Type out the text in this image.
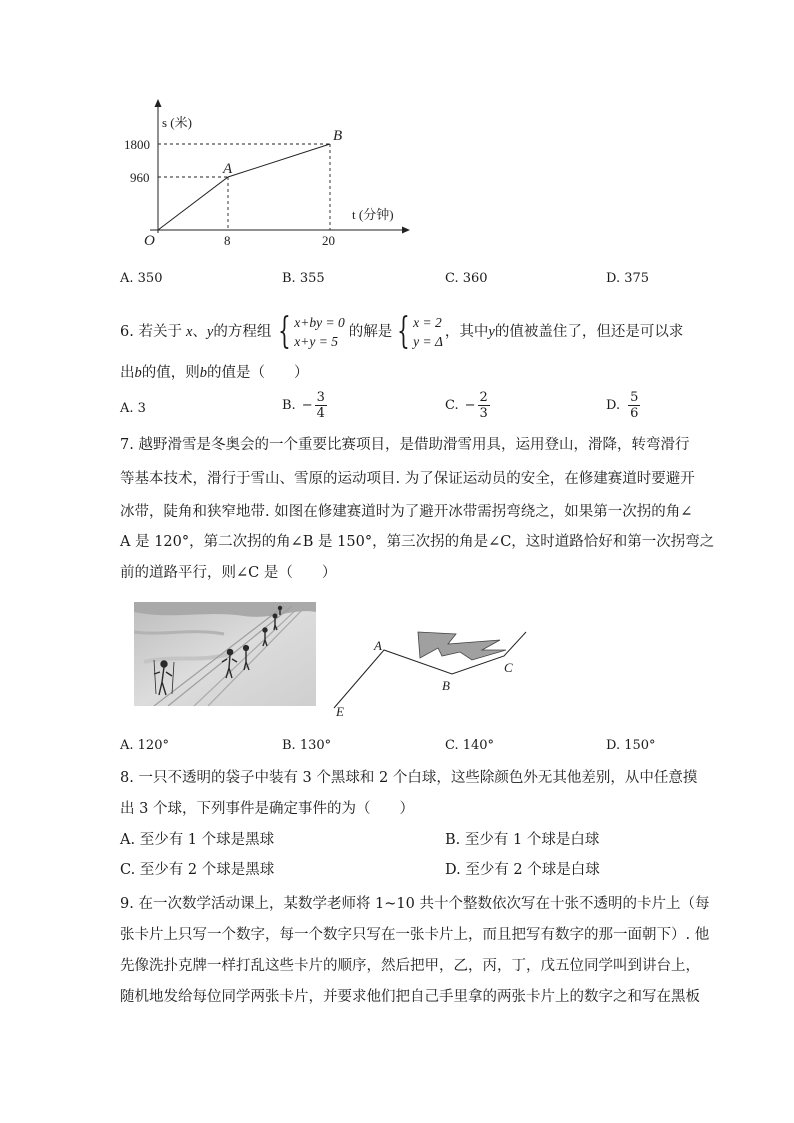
s (米)
t (分钟)
1800
960
O	8	20
A
B
A. 350	B. 355	C. 360	D. 375
6. 若关于 x 、 y 的方程组 { x+by = 0
x+y = 5
的解是 { x = 2
y = Δ
，其中 y 的值被盖住了，但还是可以求
出b的值，则b的值是（　　）
A. 3	B. − $\frac{3}{4}$	C. − $\frac{2}{3}$	D. $\frac{5}{6}$
7. 越野滑雪是冬奥会的一个重要比赛项目，是借助滑雪用具，运用登山，滑降，转弯滑行
等基本技术，滑行于雪山、雪原的运动项目. 为了保证运动员的安全，在修建赛道时要避开
冰带，陡角和狭窄地带. 如图在修建赛道时为了避开冰带需拐弯绕之，如果第一次拐的角∠
A 是 120°，第二次拐的角∠B 是 150°，第三次拐的角是∠C，这时道路恰好和第一次拐弯之
前的道路平行，则∠C 是（　　）
A
B
C
E
A. 120°	B. 130°	C. 140°	D. 150°
8. 一只不透明的袋子中装有 3 个黑球和 2 个白球，这些除颜色外无其他差别，从中任意摸
出 3 个球，下列事件是确定事件的为（　　）
A. 至少有 1 个球是黑球	B. 至少有 1 个球是白球
C. 至少有 2 个球是黑球	D. 至少有 2 个球是白球
9. 在一次数学活动课上，某数学老师将 1~10 共十个整数依次写在十张不透明的卡片上（每
张卡片上只写一个数字，每一个数字只写在一张卡片上，而且把写有数字的那一面朝下）. 他
先像洗扑克牌一样打乱这些卡片的顺序，然后把甲，乙，丙，丁，戊五位同学叫到讲台上，
随机地发给每位同学两张卡片，并要求他们把自己手里拿的两张卡片上的数字之和写在黑板
